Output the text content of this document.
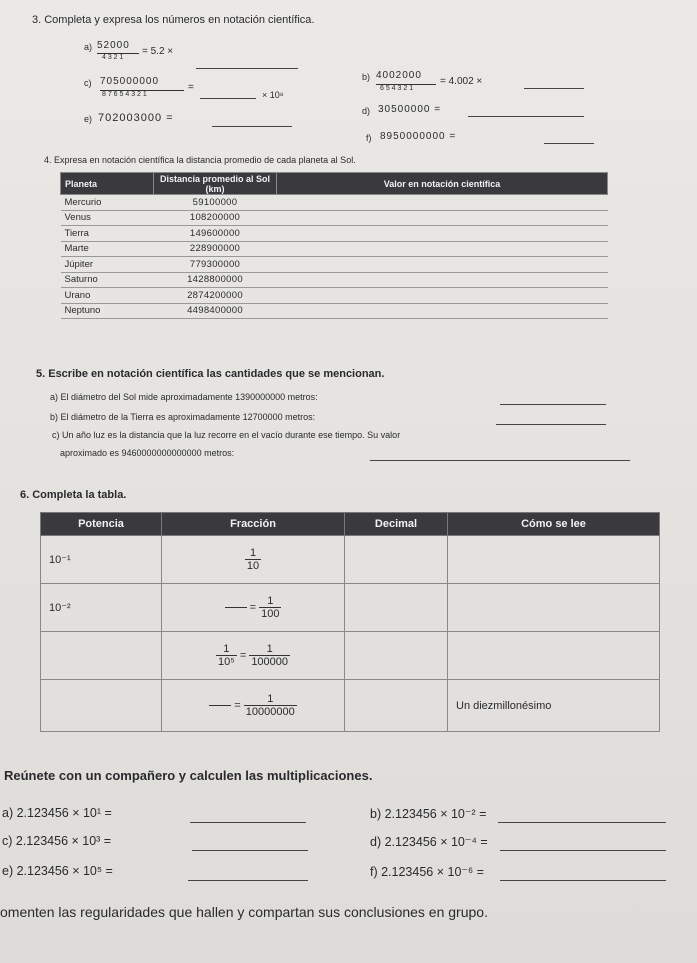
3. Completa y expresa los números en notación científica.
a) 52000
4 3 2 1
= 5.2 ×
c) 705000000
8 7 6 5 4 3 2 1
=
× 10⁸
b) 4002000
6 5 4 3 2 1
= 4.002 ×
d) 30500000 =
e) 702003000 =
f) 8950000000 =
4. Expresa en notación científica la distancia promedio de cada planeta al Sol.
Planeta	Distancia promedio al Sol (km)	Valor en notación científica
Mercurio	59100000	
Venus	108200000	
Tierra	149600000	
Marte	228900000	
Júpiter	779300000	
Saturno	1428800000	
Urano	2874200000	
Neptuno	4498400000	
5. Escribe en notación científica las cantidades que se mencionan.
a) El diámetro del Sol mide aproximadamente 1390000000 metros:
b) El diámetro de la Tierra es aproximadamente 12700000 metros:
c) Un año luz es la distancia que la luz recorre en el vacío durante ese tiempo. Su valor
aproximado es 9460000000000000 metros:
6. Completa la tabla.
Potencia	Fracción	Decimal	Cómo se lee
10⁻¹	$\frac{1}{10}$

10⁻²	= $\frac{1}{100}$

	$\frac{1}{\text{10⁵}} = \frac{1}{100000}$

	= $\frac{1}{10000000}$		Un diezmillonésimo
Reúnete con un compañero y calculen las multiplicaciones.
a) 2.123456 × 10¹ =	b) 2.123456 × 10⁻² =
c) 2.123456 × 10³ =	d) 2.123456 × 10⁻⁴ =
e) 2.123456 × 10⁵ =	f) 2.123456 × 10⁻⁶ =
omenten las regularidades que hallen y compartan sus conclusiones en grupo.
